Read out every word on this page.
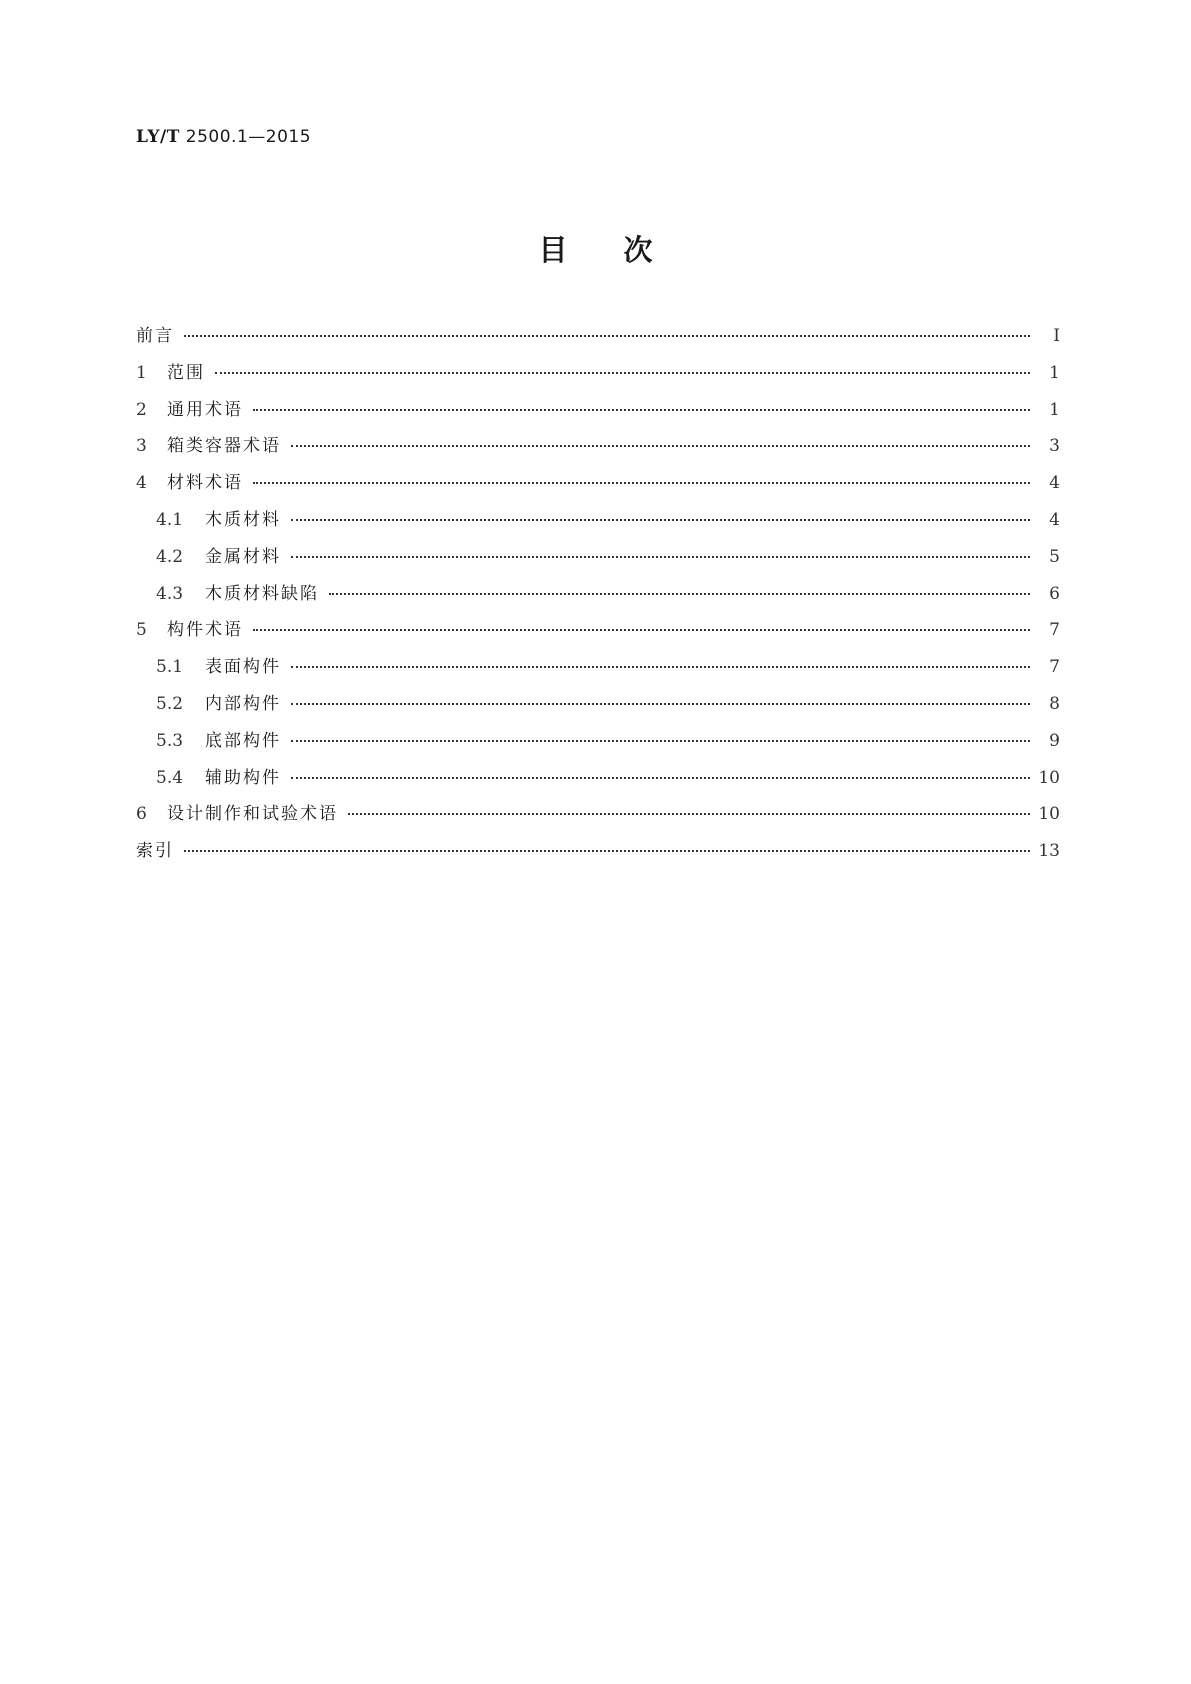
LY/T 2500.1—2015
目次
前言	Ⅰ
1	范围	1
2	通用术语	1
3	箱类容器术语	3
4	材料术语	4
4.1	木质材料	4
4.2	金属材料	5
4.3	木质材料缺陷	6
5	构件术语	7
5.1	表面构件	7
5.2	内部构件	8
5.3	底部构件	9
5.4	辅助构件	10
6	设计制作和试验术语	10
索引	13
